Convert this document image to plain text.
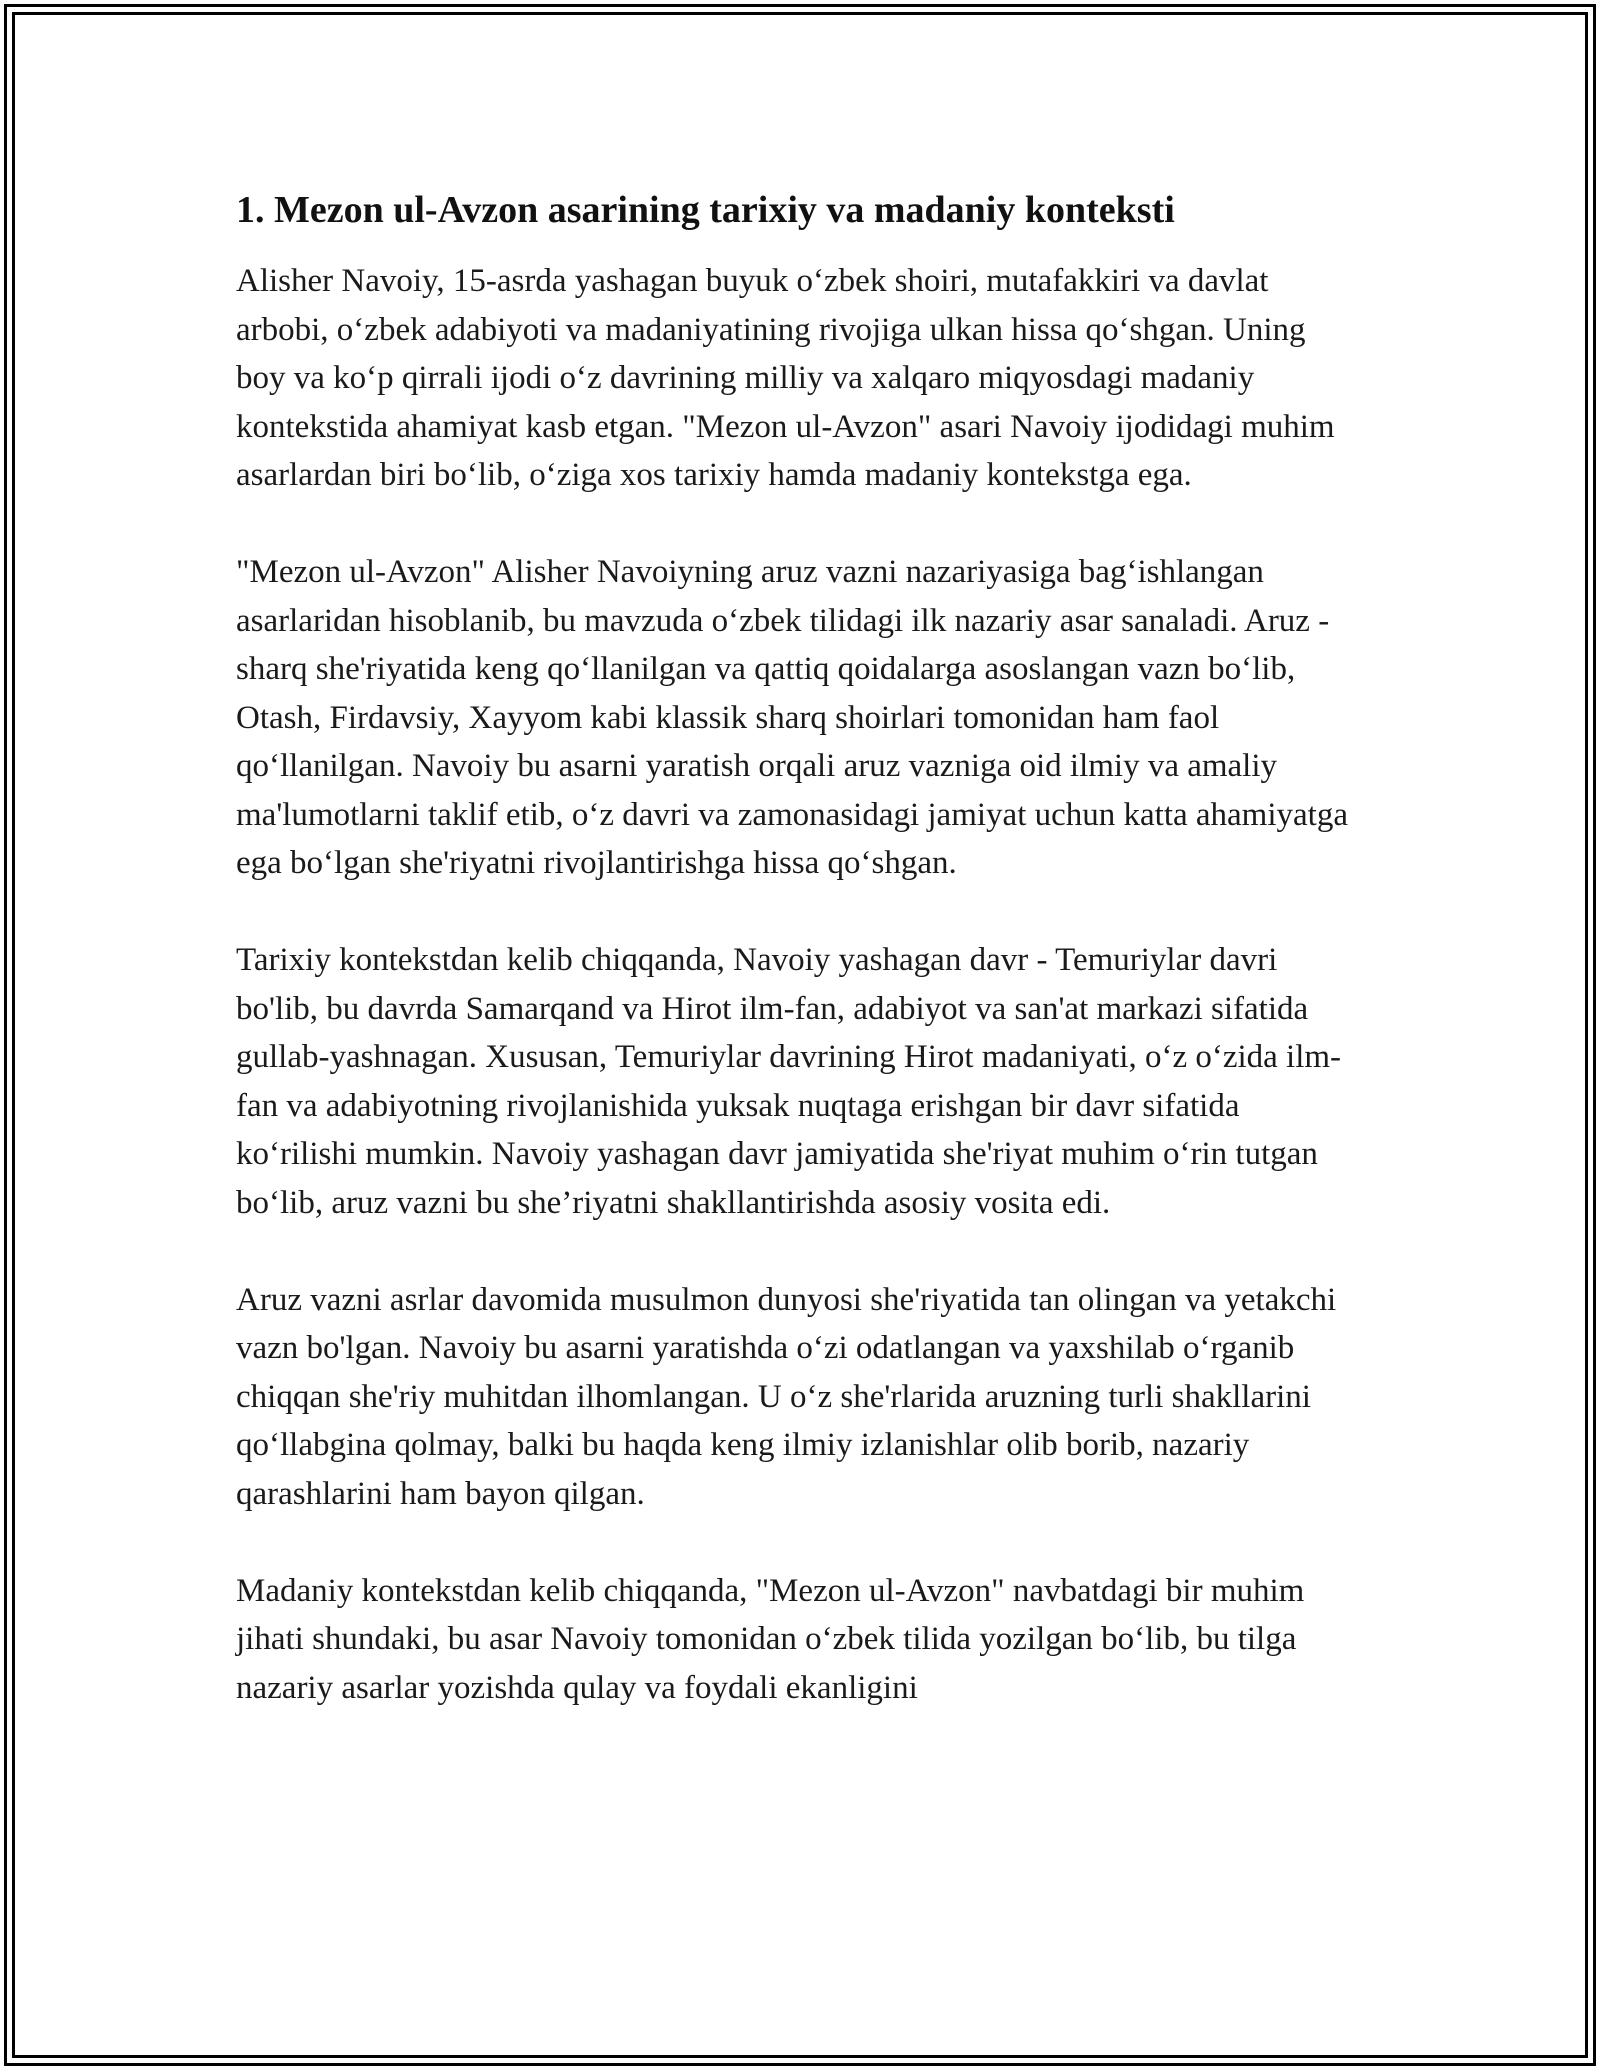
1. Mezon ul-Avzon asarining tarixiy va madaniy konteksti

Alisher Navoiy, 15-asrda yashagan buyuk o‘zbek shoiri, mutafakkiri va davlat arbobi, o‘zbek adabiyoti va madaniyatining rivojiga ulkan hissa qo‘shgan. Uning boy va ko‘p qirrali ijodi o‘z davrining milliy va xalqaro miqyosdagi madaniy kontekstida ahamiyat kasb etgan. "Mezon ul-Avzon" asari Navoiy ijodidagi muhim asarlardan biri bo‘lib, o‘ziga xos tarixiy hamda madaniy kontekstga ega.

"Mezon ul-Avzon" Alisher Navoiyning aruz vazni nazariyasiga bag‘ishlangan asarlaridan hisoblanib, bu mavzuda o‘zbek tilidagi ilk nazariy asar sanaladi. Aruz - sharq she'riyatida keng qo‘llanilgan va qattiq qoidalarga asoslangan vazn bo‘lib, Otash, Firdavsiy, Xayyom kabi klassik sharq shoirlari tomonidan ham faol qo‘llanilgan. Navoiy bu asarni yaratish orqali aruz vazniga oid ilmiy va amaliy ma'lumotlarni taklif etib, o‘z davri va zamonasidagi jamiyat uchun katta ahamiyatga ega bo‘lgan she'riyatni rivojlantirishga hissa qo‘shgan.

Tarixiy kontekstdan kelib chiqqanda, Navoiy yashagan davr - Temuriylar davri bo'lib, bu davrda Samarqand va Hirot ilm-fan, adabiyot va san'at markazi sifatida gullab-yashnagan. Xususan, Temuriylar davrining Hirot madaniyati, o‘z o‘zida ilm-fan va adabiyotning rivojlanishida yuksak nuqtaga erishgan bir davr sifatida ko‘rilishi mumkin. Navoiy yashagan davr jamiyatida she'riyat muhim o‘rin tutgan bo‘lib, aruz vazni bu she’riyatni shakllantirishda asosiy vosita edi.

Aruz vazni asrlar davomida musulmon dunyosi she'riyatida tan olingan va yetakchi vazn bo'lgan. Navoiy bu asarni yaratishda o‘zi odatlangan va yaxshilab o‘rganib chiqqan she'riy muhitdan ilhomlangan. U o‘z she'rlarida aruzning turli shakllarini qo‘llabgina qolmay, balki bu haqda keng ilmiy izlanishlar olib borib, nazariy qarashlarini ham bayon qilgan.

Madaniy kontekstdan kelib chiqqanda, "Mezon ul-Avzon" navbatdagi bir muhim jihati shundaki, bu asar Navoiy tomonidan o‘zbek tilida yozilgan bo‘lib, bu tilga nazariy asarlar yozishda qulay va foydali ekanligini
